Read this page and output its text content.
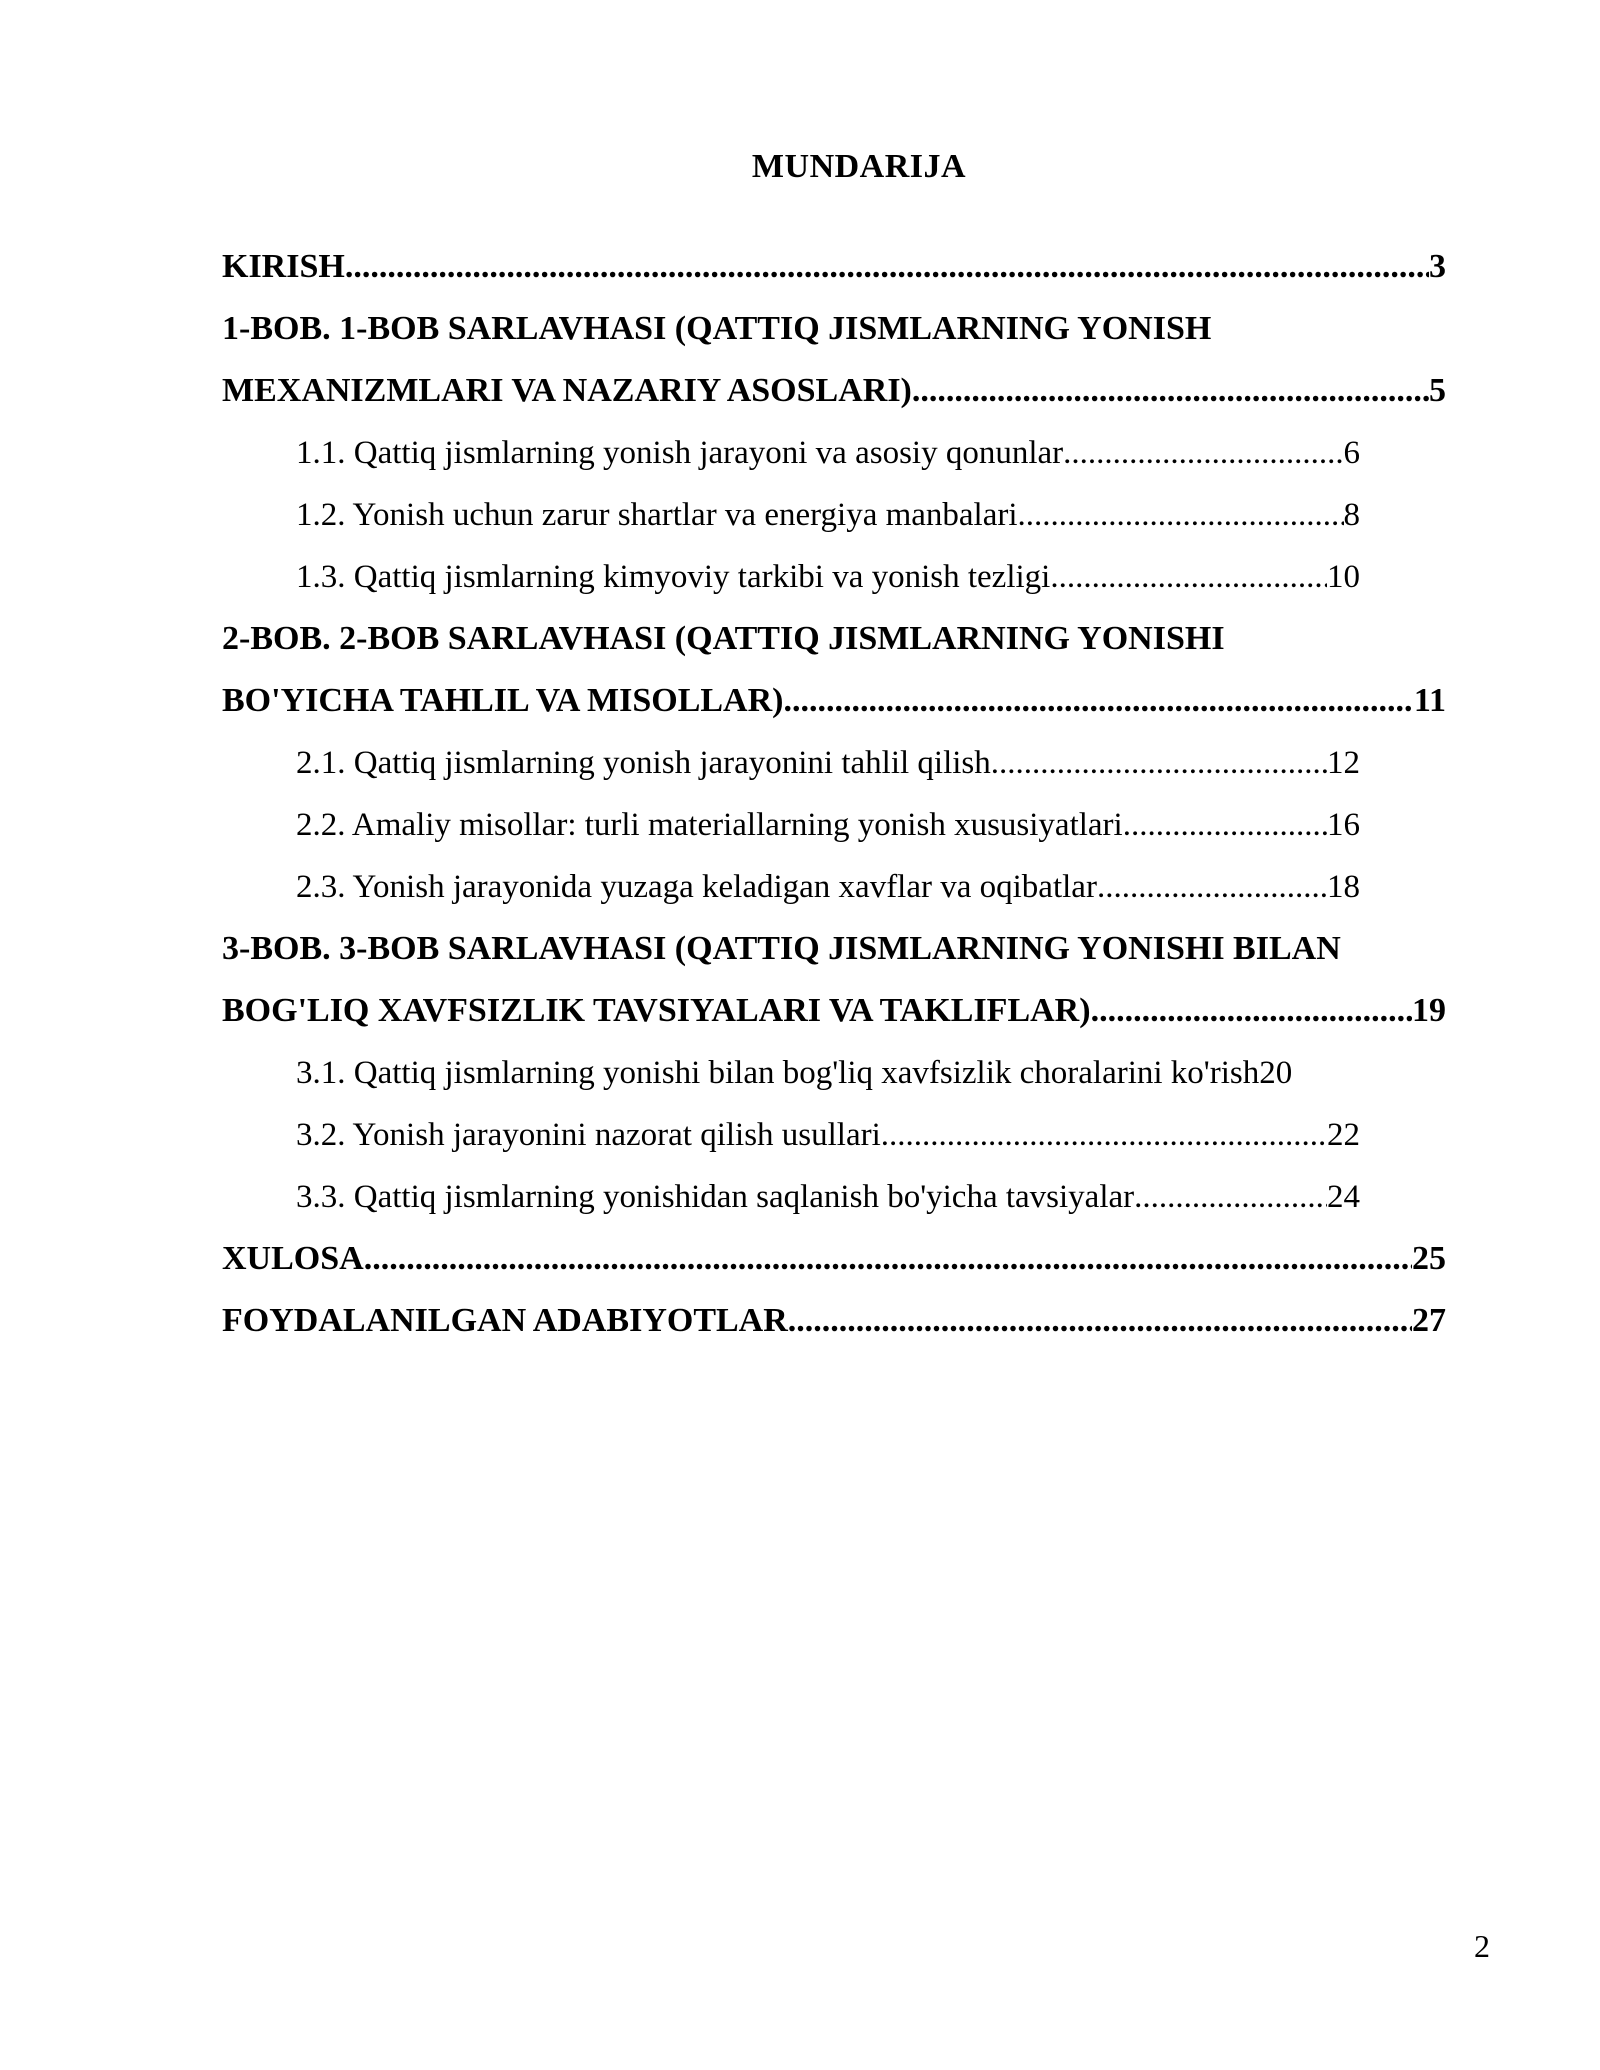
MUNDARIJA
KIRISH .....	3
1-BOB. 1-BOB SARLAVHASI (QATTIQ JISMLARNING YONISH
MEXANIZMLARI VA NAZARIY ASOSLARI) .....	5
1.1. Qattiq jismlarning yonish jarayoni va asosiy qonunlar .....	6
1.2. Yonish uchun zarur shartlar va energiya manbalari .....	8
1.3. Qattiq jismlarning kimyoviy tarkibi va yonish tezligi .....	10
2-BOB. 2-BOB SARLAVHASI (QATTIQ JISMLARNING YONISHI
BO'YICHA TAHLIL VA MISOLLAR) .....	11
2.1. Qattiq jismlarning yonish jarayonini tahlil qilish .....	12
2.2. Amaliy misollar: turli materiallarning yonish xususiyatlari .....	16
2.3. Yonish jarayonida yuzaga keladigan xavflar va oqibatlar .....	18
3-BOB. 3-BOB SARLAVHASI (QATTIQ JISMLARNING YONISHI BILAN
BOG'LIQ XAVFSIZLIK TAVSIYALARI VA TAKLIFLAR) .....	19
3.1. Qattiq jismlarning yonishi bilan bog'liq xavfsizlik choralarini ko'rish20
3.2. Yonish jarayonini nazorat qilish usullari .....	22
3.3. Qattiq jismlarning yonishidan saqlanish bo'yicha tavsiyalar .....	24
XULOSA .....	25
FOYDALANILGAN ADABIYOTLAR .....	27
2
